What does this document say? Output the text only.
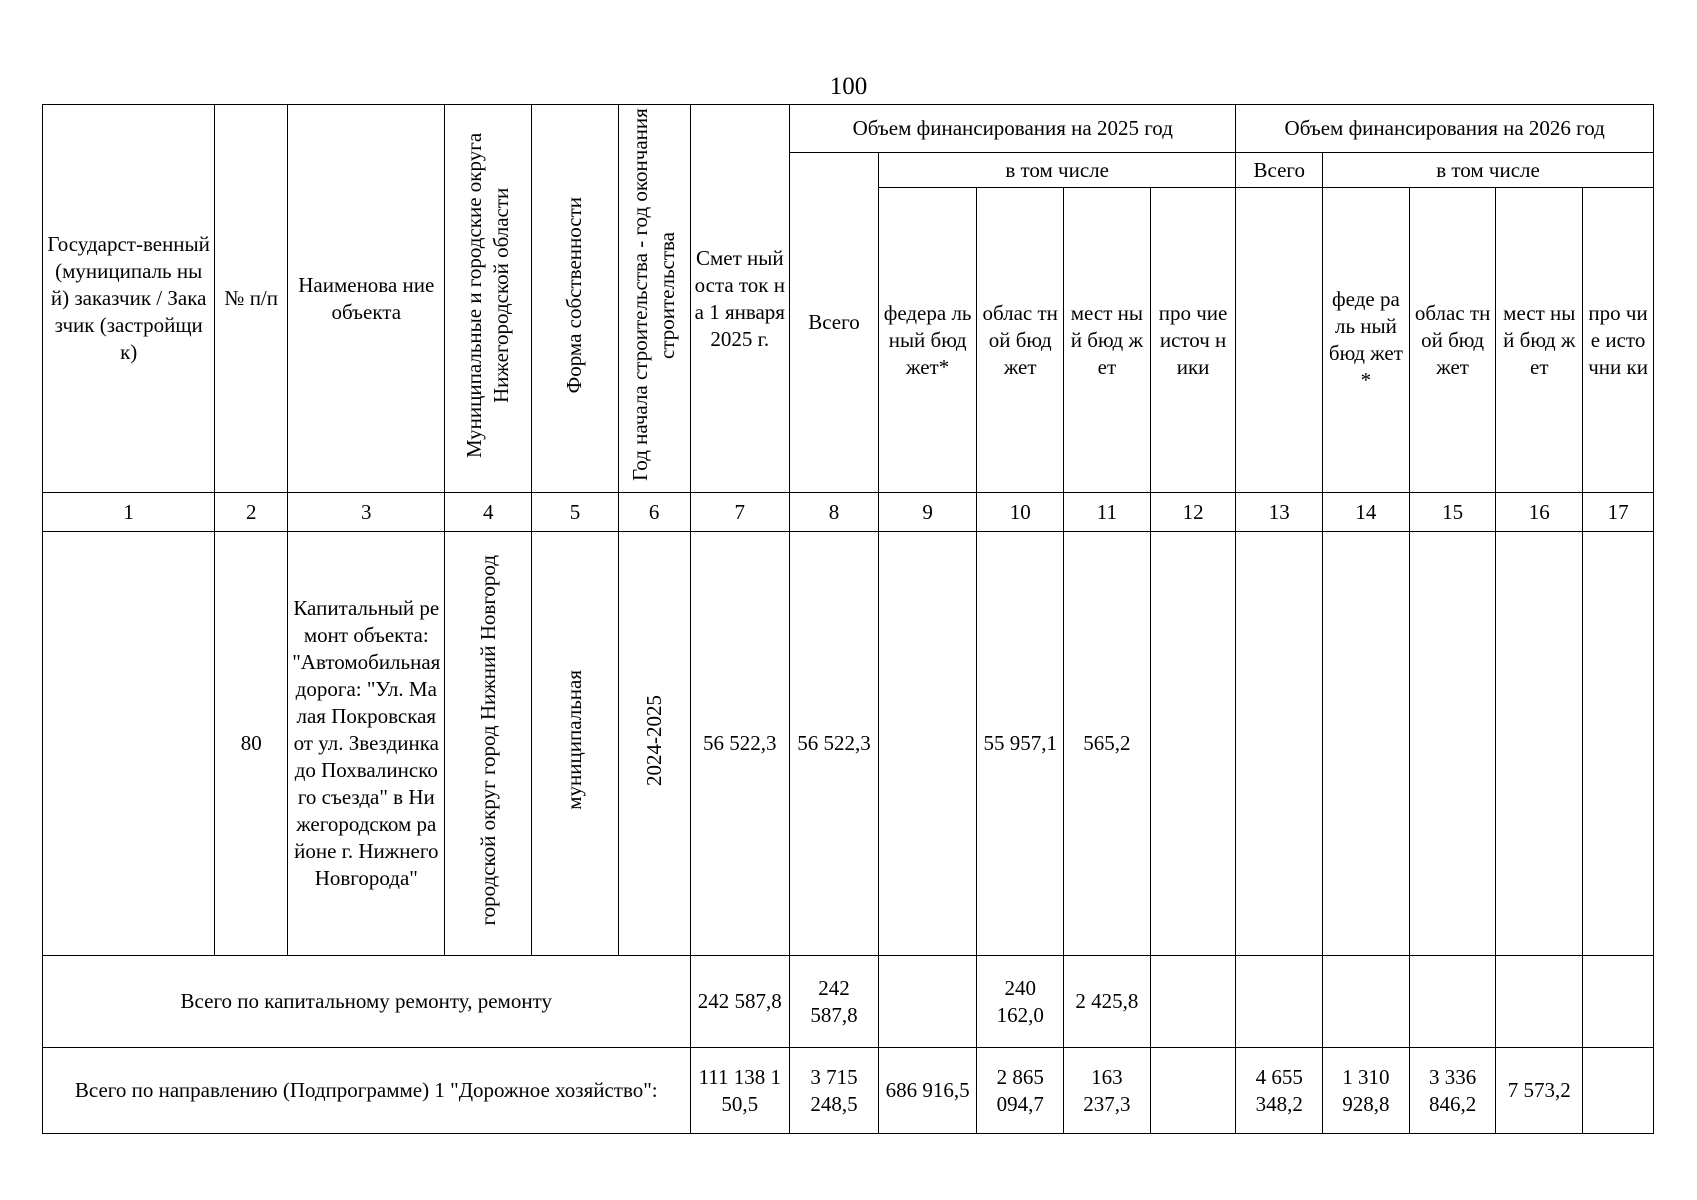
100
Государст-венный (муниципаль ный) заказчик / Заказчик (застройщик)	№ п/п	Наименова ние объекта	Муниципальные и городские округа Нижегородской области	Форма собственности	Год начала строительства - год окончания строительства	Смет ный оста ток на 1 января 2025 г.	Объем финансирования на 2025 год					Объем финансирования на 2026 год				
							Всего	в том числе				Всего	в том числе			
								федера льный бюд жет*	облас тной бюд жет	мест ный бюд жет	про чие источ ники		феде раль ный бюд жет*	облас тной бюд жет	мест ный бюд жет	про чие исто чни ки
1	2	3	4	5	6	7	8	9	10	11	12	13	14	15	16	17
	80	Капитальный ремонт объекта: "Автомобильная дорога: "Ул. Малая Покровская от ул. Звездинка до Похвалинского съезда" в Нижегородском районе г. Нижнего Новгорода"	городской округ город Нижний Новгород	муниципальная	2024-2025	56 522,3	56 522,3		55 957,1	565,2						
Всего по капитальному ремонту, ремонту						242 587,8	242 587,8		240 162,0	2 425,8						
Всего по направлению (Подпрограмме) 1 "Дорожное хозяйство":						111 138 150,5	3 715 248,5	686 916,5	2 865 094,7	163 237,3		4 655 348,2	1 310 928,8	3 336 846,2	7 573,2	
